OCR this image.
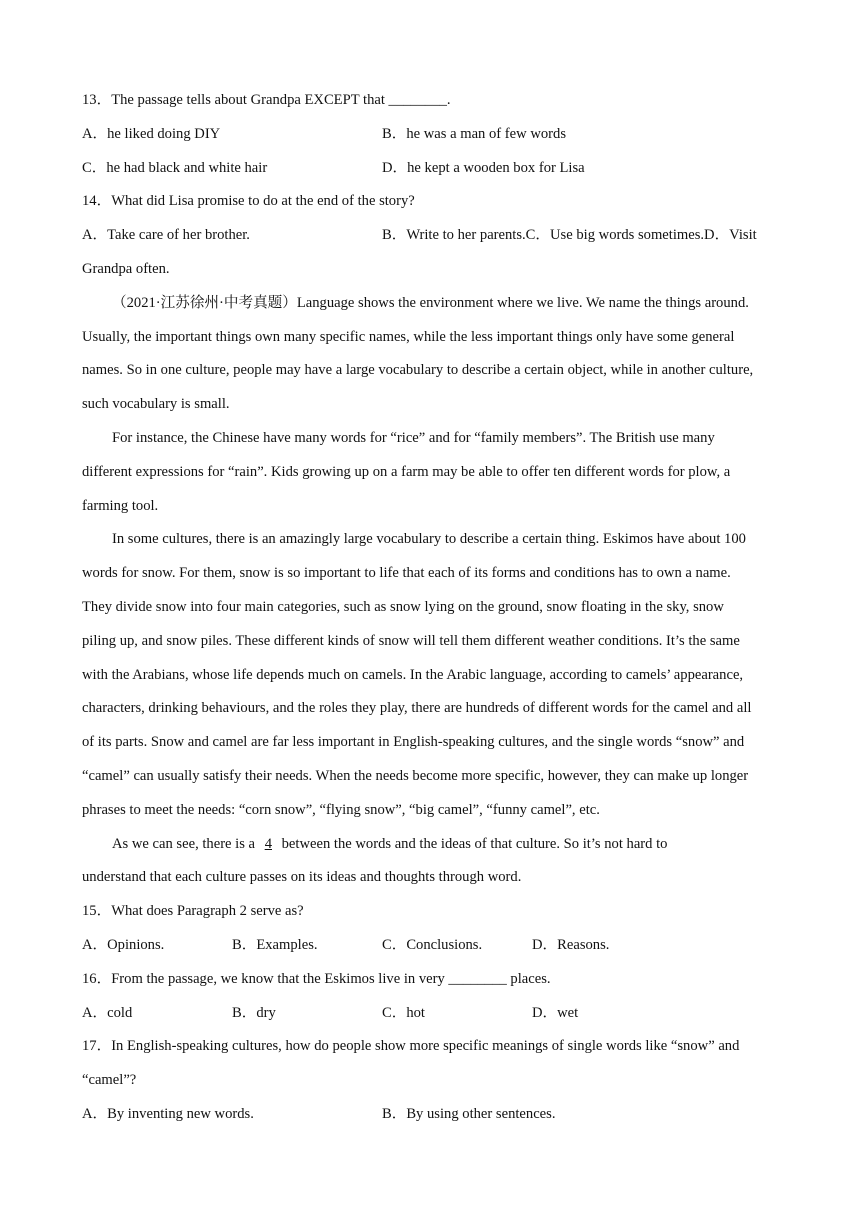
13．The passage tells about Grandpa EXCEPT that ________.
A．he liked doing DIY	B．he was a man of few words
C．he had black and white hair	D．he kept a wooden box for Lisa
14．What did Lisa promise to do at the end of the story?
A．Take care of her brother.	B．Write to her parents.C．Use big words sometimes.D．Visit
Grandpa often.
（2021·江苏徐州·中考真题）Language shows the environment where we live. We name the things around.
Usually, the important things own many specific names, while the less important things only have some general
names. So in one culture, people may have a large vocabulary to describe a certain object, while in another culture,
such vocabulary is small.
For instance, the Chinese have many words for “rice” and for “family members”. The British use many
different expressions for “rain”. Kids growing up on a farm may be able to offer ten different words for plow, a
farming tool.
In some cultures, there is an amazingly large vocabulary to describe a certain thing. Eskimos have about 100
words for snow. For them, snow is so important to life that each of its forms and conditions has to own a name.
They divide snow into four main categories, such as snow lying on the ground, snow floating in the sky, snow
piling up, and snow piles. These different kinds of snow will tell them different weather conditions. It’s the same
with the Arabians, whose life depends much on camels. In the Arabic language, according to camels’ appearance,
characters, drinking behaviours, and the roles they play, there are hundreds of different words for the camel and all
of its parts. Snow and camel are far less important in English-speaking cultures, and the single words “snow” and
“camel” can usually satisfy their needs. When the needs become more specific, however, they can make up longer
phrases to meet the needs: “corn snow”, “flying snow”, “big camel”, “funny camel”, etc.
As we can see, there is a 4 between the words and the ideas of that culture. So it’s not hard to
understand that each culture passes on its ideas and thoughts through word.
15．What does Paragraph 2 serve as?
A．Opinions.	B．Examples.	C．Conclusions.	D．Reasons.
16．From the passage, we know that the Eskimos live in very ________ places.
A．cold	B．dry	C．hot	D．wet
17．In English-speaking cultures, how do people show more specific meanings of single words like “snow” and
“camel”?
A．By inventing new words.	B．By using other sentences.
